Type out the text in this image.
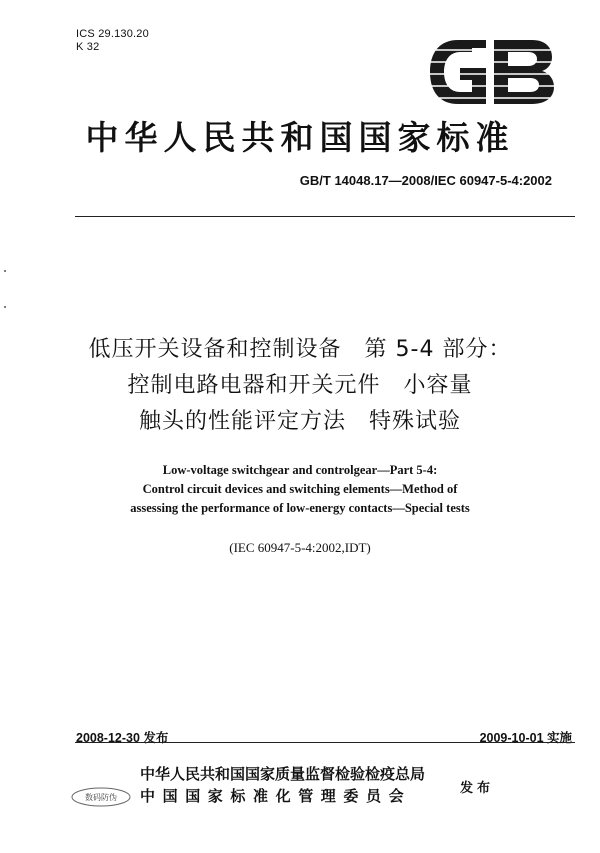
ICS 29.130.20
K 32
中华人民共和国国家标准
GB/T 14048.17—2008/IEC 60947-5-4:2002
低压开关设备和控制设备　第 5-4 部分：
控制电路电器和开关元件　小容量
触头的性能评定方法　特殊试验
Low-voltage switchgear and controlgear—Part 5-4:
Control circuit devices and switching elements—Method of
assessing the performance of low-energy contacts—Special tests
(IEC 60947-5-4:2002,IDT)
2008-12-30 发布	2009-10-01 实施
数码防伪
中华人民共和国国家质量监督检验检疫总局
中国国家标准化管理委员会	发布
